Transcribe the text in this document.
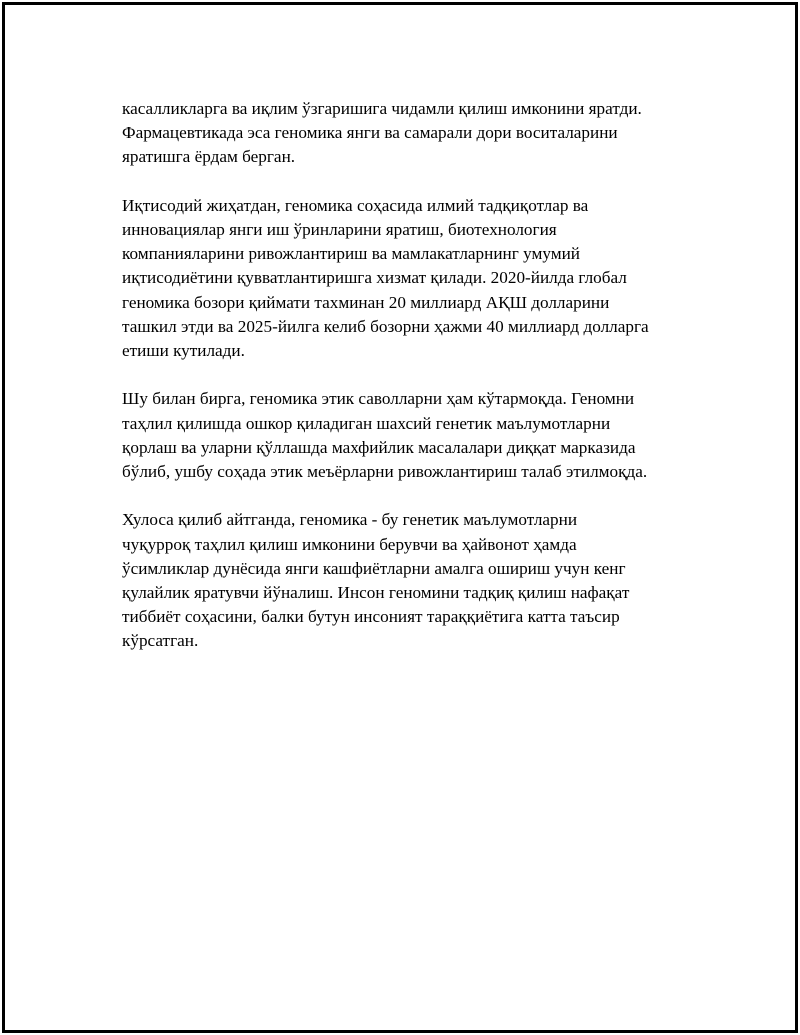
касалликларга ва иқлим ўзгаришига чидамли қилиш имконини яратди.
Фармацевтикада эса геномика янги ва самарали дори воситаларини
яратишга ёрдам берган.

Иқтисодий жиҳатдан, геномика соҳасида илмий тадқиқотлар ва
инновациялар янги иш ўринларини яратиш, биотехнология
компанияларини ривожлантириш ва мамлакатларнинг умумий
иқтисодиётини қувватлантиришга хизмат қилади. 2020-йилда глобал
геномика бозори қиймати тахминан 20 миллиард АҚШ долларини
ташкил этди ва 2025-йилга келиб бозорни ҳажми 40 миллиард долларга
етиши кутилади.

Шу билан бирга, геномика этик саволларни ҳам кўтармоқда. Геномни
таҳлил қилишда ошкор қиладиган шахсий генетик маълумотларни
қорлаш ва уларни қўллашда махфийлик масалалари диққат марказида
бўлиб, ушбу соҳада этик меъёрларни ривожлантириш талаб этилмоқда.

Хулоса қилиб айтганда, геномика - бу генетик маълумотларни
чуқурроқ таҳлил қилиш имконини берувчи ва ҳайвонот ҳамда
ўсимликлар дунёсида янги кашфиётларни амалга ошириш учун кенг
қулайлик яратувчи йўналиш. Инсон геномини тадқиқ қилиш нафақат
тиббиёт соҳасини, балки бутун инсоният тараққиётига катта таъсир
кўрсатган.
